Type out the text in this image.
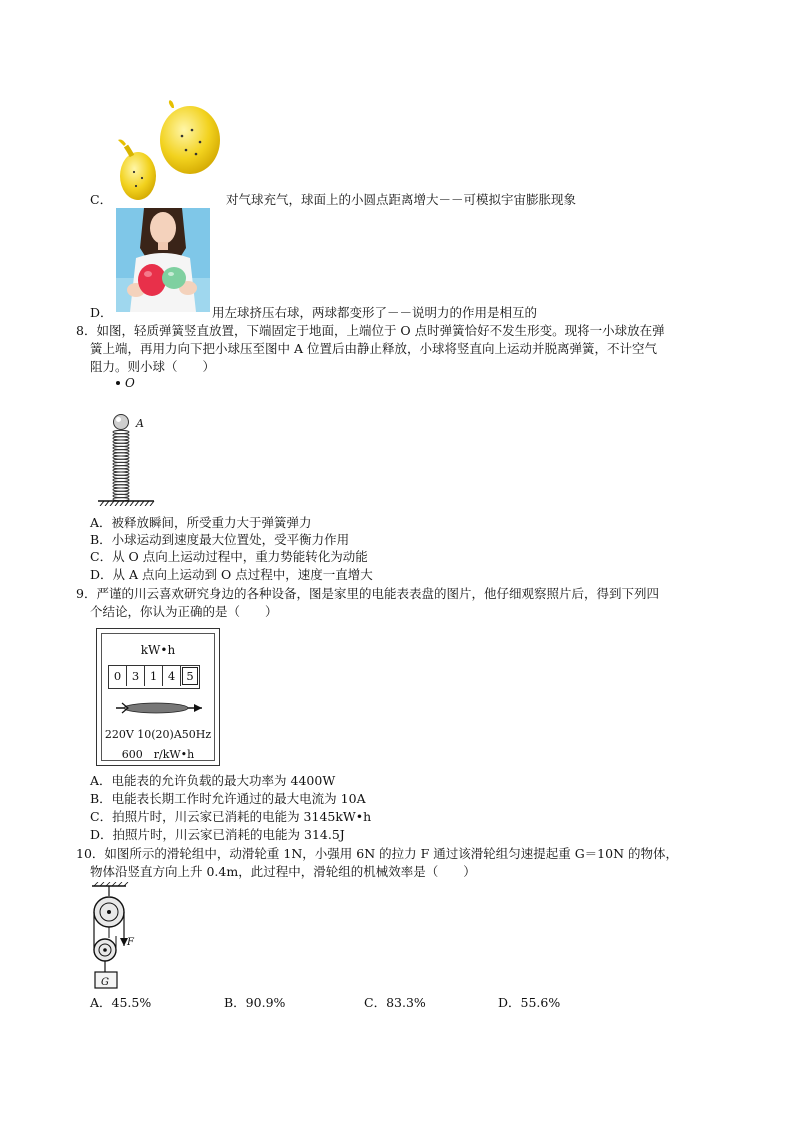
C．	对气球充气，球面上的小圆点距离增大－－可模拟宇宙膨胀现象
D．	用左球挤压右球，两球都变形了－－说明力的作用是相互的
8．如图，轻质弹簧竖直放置，下端固定于地面，上端位于 O 点时弹簧恰好不发生形变。现将一小球放在弹
簧上端，再用力向下把小球压至图中 A 位置后由静止释放，小球将竖直向上运动并脱离弹簧，不计空气
阻力。则小球（　　）
O
A
A．被释放瞬间，所受重力大于弹簧弹力
B．小球运动到速度最大位置处，受平衡力作用
C．从 O 点向上运动过程中，重力势能转化为动能
D．从 A 点向上运动到 O 点过程中，速度一直增大
9．严谨的川云喜欢研究身边的各种设备，图是家里的电能表表盘的图片，他仔细观察照片后，得到下列四
个结论，你认为正确的是（　　）
kW•h
0 3 1 4 5
220V 10(20)A50Hz
600　r/kW•h
A．电能表的允许负载的最大功率为 4400W
B．电能表长期工作时允许通过的最大电流为 10A
C．拍照片时，川云家已消耗的电能为 3145kW•h
D．拍照片时，川云家已消耗的电能为 314.5J
10．如图所示的滑轮组中，动滑轮重 1N，小强用 6N 的拉力 F 通过该滑轮组匀速提起重 G＝10N 的物体，
物体沿竖直方向上升 0.4m，此过程中，滑轮组的机械效率是（　　）
F
G
A．45.5%	B．90.9%	C．83.3%	D．55.6%
